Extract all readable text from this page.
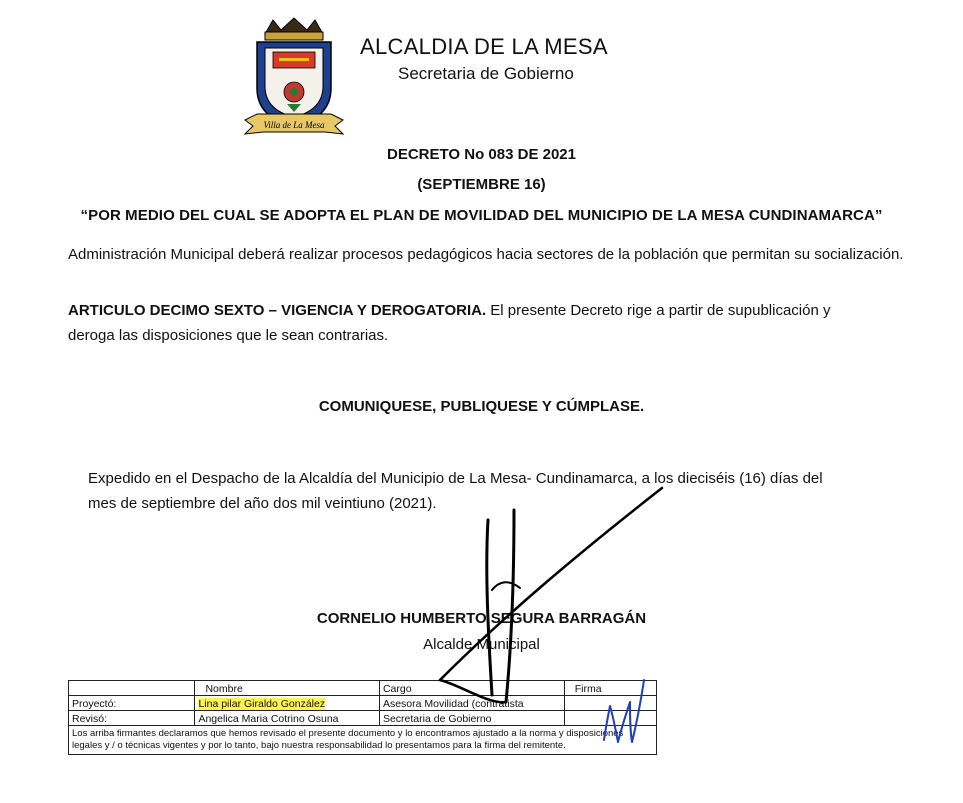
Villa de La Mesa
ALCALDIA DE LA MESA
Secretaria de Gobierno
DECRETO No 083 DE 2021
(SEPTIEMBRE 16)
“POR MEDIO DEL CUAL SE ADOPTA EL PLAN DE MOVILIDAD DEL MUNICIPIO DE LA MESA CUNDINAMARCA”
Administración Municipal deberá realizar procesos pedagógicos hacia sectores de la población que permitan su socialización.
ARTICULO DECIMO SEXTO – VIGENCIA Y DEROGATORIA. El presente Decreto rige a partir de supublicación y deroga las disposiciones que le sean contrarias.
COMUNIQUESE, PUBLIQUESE Y CÚMPLASE.
Expedido en el Despacho de la Alcaldía del Municipio de La Mesa- Cundinamarca, a los dieciséis (16) días del mes de septiembre del año dos mil veintiuno (2021).
CORNELIO HUMBERTO SEGURA BARRAGÁN
Alcalde Municipal
	Nombre	Cargo	Firma
Proyectó:	Lina pilar Giraldo González	Asesora Movilidad (contratista	
Revisó:	Angelica Maria Cotrino Osuna	Secretaria de Gobierno	
Los arriba firmantes declaramos que hemos revisado el presente documento y lo encontramos ajustado a la norma y disposiciones legales y / o técnicas vigentes y por lo tanto, bajo nuestra responsabilidad lo presentamos para la firma del remitente.			
